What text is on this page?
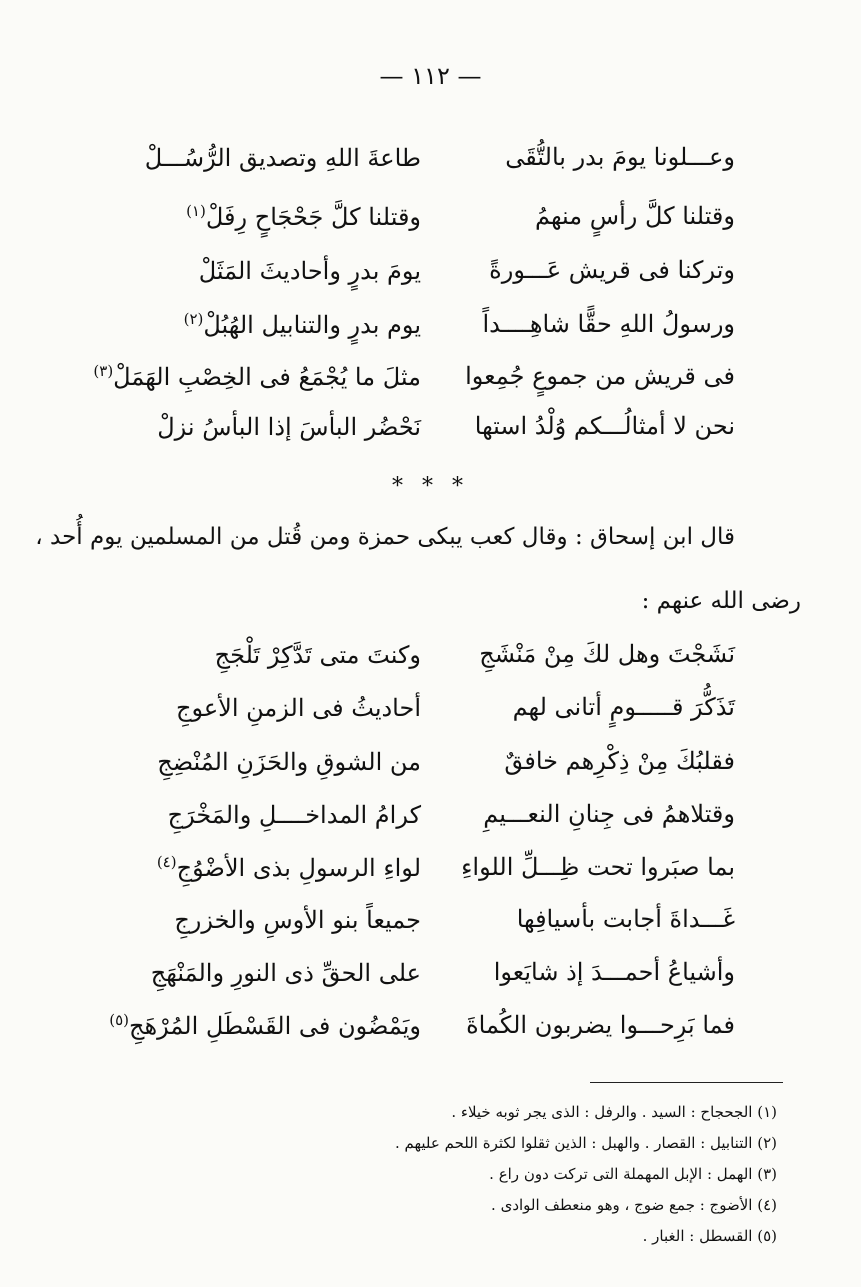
— ١١٢ —
وعـــلونا يومَ بدر بالتُّقَى
طاعةَ اللهِ وتصديق الرُّسُـــلْ
وقتلنا كلَّ رأسٍ منهمُ
وقتلنا كلَّ جَحْجَاحٍ رِفَلْ$^{(١)}$
وتركنا فى قريش عَـــورةً
يومَ بدرٍ وأحاديثَ المَثَلْ
ورسولُ اللهِ حقًّا شاهِــــداً
يوم بدرٍ والتنابيل الهُبُلْ$^{(٢)}$
فى قريش من جموعٍ جُمِعوا
مثلَ ما يُجْمَعُ فى الخِصْبِ الهَمَلْ$^{(٣)}$
نحن لا أمثالُـــكم وُلْدُ استها
نَحْضُر البأسَ إذا البأسُ نزلْ
* * *
قال ابن إسحاق : وقال كعب يبكى حمزة ومن قُتل من المسلمين يوم أُحد ،
رضى الله عنهم :
نَشَجْتَ وهل لكَ مِنْ مَنْشَجِ
وكنتَ متى تَدَّكِرْ تَلْجَجِ
تَذَكُّرَ قـــــومٍ أتانى لهم
أحاديثُ فى الزمنِ الأعوجِ
فقلبُكَ مِنْ ذِكْرِهم خافقٌ
من الشوقِ والحَزَنِ المُنْضِجِ
وقتلاهمُ فى جِنانِ النعـــيمِ
كرامُ المداخــــلِ والمَخْرَجِ
بما صبَروا تحت ظِـــلِّ اللواءِ
لواءِ الرسولِ بذى الأضْوُجِ$^{(٤)}$
غَـــداةَ أجابت بأسيافِها
جميعاً بنو الأوسِ والخزرجِ
وأشياعُ أحمـــدَ إذ شايَعوا
على الحقِّ ذى النورِ والمَنْهَجِ
فما بَرِحـــوا يضربون الكُماةَ
ويَمْضُون فى القَسْطَلِ المُرْهَجِ$^{(٥)}$
(١) الجحجاح : السيد . والرفل : الذى يجر ثوبه خيلاء .
(٢) التنابيل : القصار . والهبل : الذين ثقلوا لكثرة اللحم عليهم .
(٣) الهمل : الإبل المهملة التى تركت دون راع .
(٤) الأضوج : جمع ضوج ، وهو منعطف الوادى .
(٥) القسطل : الغبار .
